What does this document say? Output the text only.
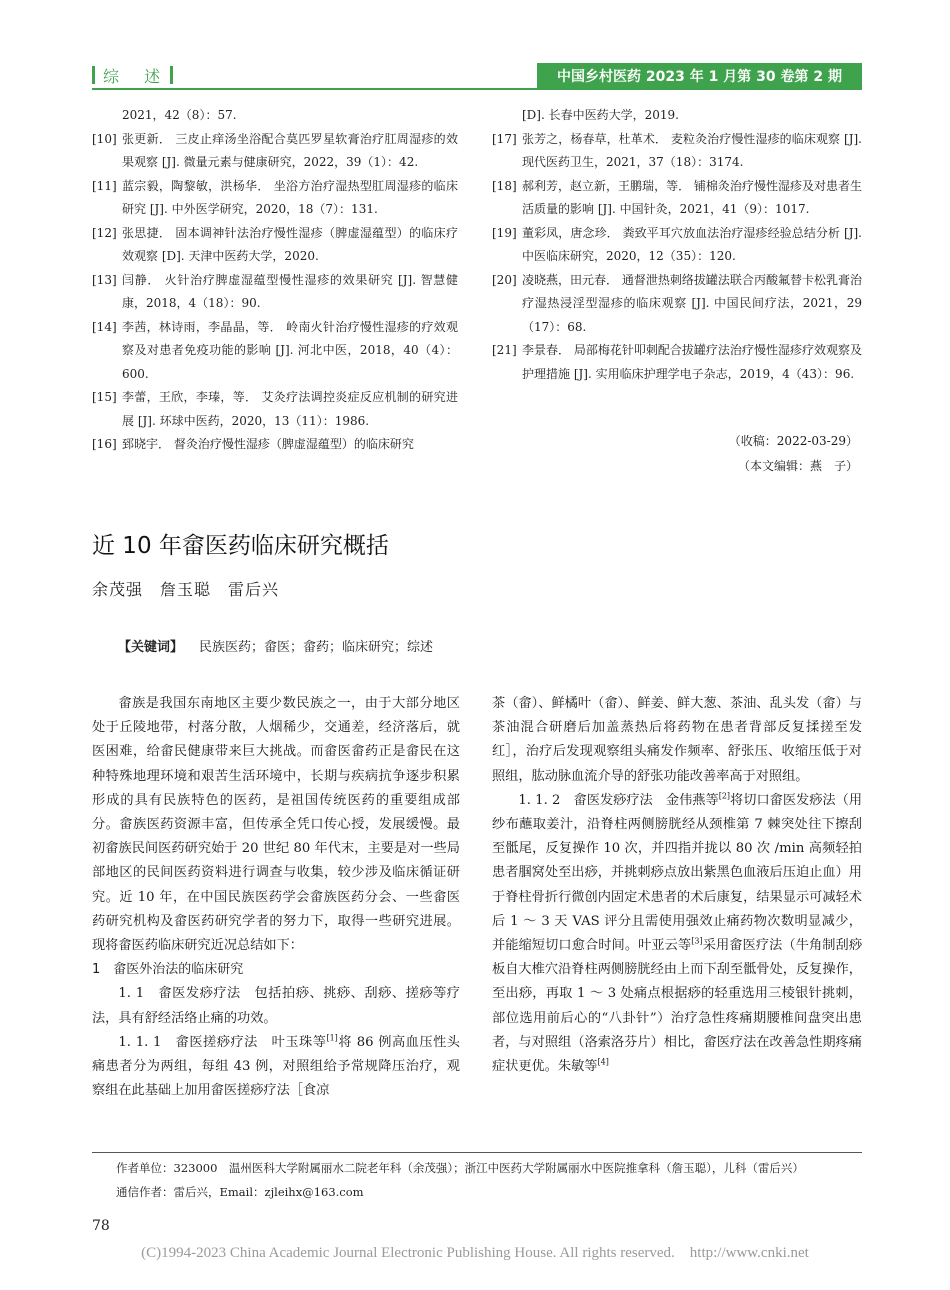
综 述	中国乡村医药 2023 年 1 月第 30 卷第 2 期
2021，42（8）：57.
[10] 张更新． 三皮止痒汤坐浴配合莫匹罗星软膏治疗肛周湿疹的效果观察 [J]. 微量元素与健康研究，2022，39（1）：42.
[11] 蓝宗毅，陶黎敏，洪杨华． 坐浴方治疗湿热型肛周湿疹的临床研究 [J]. 中外医学研究，2020，18（7）：131.
[12] 张思捷． 固本调神针法治疗慢性湿疹（脾虚湿蕴型）的临床疗效观察 [D]. 天津中医药大学，2020.
[13] 闫静． 火针治疗脾虚湿蕴型慢性湿疹的效果研究 [J]. 智慧健康，2018，4（18）：90.
[14] 李茜，林诗雨，李晶晶，等． 岭南火针治疗慢性湿疹的疗效观察及对患者免疫功能的影响 [J]. 河北中医，2018，40（4）：600.
[15] 李蕾，王欣，李瑧，等． 艾灸疗法调控炎症反应机制的研究进展 [J]. 环球中医药，2020，13（11）：1986.
[16] 郅晓宇． 督灸治疗慢性湿疹（脾虚湿蕴型）的临床研究
[D]. 长春中医药大学，2019.
[17] 张芳之，杨春草，杜革术． 麦粒灸治疗慢性湿疹的临床观察 [J]. 现代医药卫生，2021，37（18）：3174.
[18] 郝利芳，赵立新，王鹏瑞，等． 铺棉灸治疗慢性湿疹及对患者生活质量的影响 [J]. 中国针灸，2021，41（9）：1017.
[19] 董彩凤，唐念珍． 粪致平耳穴放血法治疗湿疹经验总结分析 [J]. 中医临床研究，2020，12（35）：120.
[20] 凌晓燕，田元春． 通督泄热刺络拔罐法联合丙酸氟替卡松乳膏治疗湿热浸淫型湿疹的临床观察 [J]. 中国民间疗法，2021，29（17）：68.
[21] 李景春． 局部梅花针叩刺配合拔罐疗法治疗慢性湿疹疗效观察及护理措施 [J]. 实用临床护理学电子杂志，2019，4（43）：96.
（收稿：2022-03-29）
（本文编辑：燕　子）
近 10 年畲医药临床研究概括
余茂强　詹玉聪　雷后兴
【关键词】 民族医药；畲医；畲药；临床研究；综述

畲族是我国东南地区主要少数民族之一，由于大部分地区处于丘陵地带，村落分散，人烟稀少，交通差，经济落后，就医困难，给畲民健康带来巨大挑战。而畲医畲药正是畲民在这种特殊地理环境和艰苦生活环境中，长期与疾病抗争逐步积累形成的具有民族特色的医药，是祖国传统医药的重要组成部分。畲族医药资源丰富，但传承全凭口传心授，发展缓慢。最初畲族民间医药研究始于 20 世纪 80 年代末，主要是对一些局部地区的民间医药资料进行调查与收集，较少涉及临床循证研究。近 10 年，在中国民族医药学会畲族医药分会、一些畲医药研究机构及畲医药研究学者的努力下，取得一些研究进展。现将畲医药临床研究近况总结如下：

1　畲医外治法的临床研究

1. 1　畲医发痧疗法　包括拍痧、挑痧、刮痧、搓痧等疗法，具有舒经活络止痛的功效。

1. 1. 1　畲医搓痧疗法　叶玉珠等[1]将 86 例高血压性头痛患者分为两组，每组 43 例，对照组给予常规降压治疗，观察组在此基础上加用畲医搓痧疗法［食凉

茶（畲）、鲜橘叶（畲）、鲜姜、鲜大葱、茶油、乱头发（畲）与茶油混合研磨后加盖蒸热后将药物在患者背部反复揉搓至发红］，治疗后发现观察组头痛发作频率、舒张压、收缩压低于对照组，肱动脉血流介导的舒张功能改善率高于对照组。

1. 1. 2　畲医发痧疗法　金伟燕等[2]将切口畲医发痧法（用纱布蘸取姜汁，沿脊柱两侧膀胱经从颈椎第 7 棘突处往下擦刮至骶尾，反复操作 10 次，并四指并拢以 80 次 /min 高频轻拍患者腘窝处至出痧，并挑刺痧点放出紫黑色血液后压迫止血）用于脊柱骨折行微创内固定术患者的术后康复，结果显示可减轻术后 1 ～ 3 天 VAS 评分且需使用强效止痛药物次数明显减少，并能缩短切口愈合时间。叶亚云等[3]采用畲医疗法（牛角制刮痧板自大椎穴沿脊柱两侧膀胱经由上而下刮至骶骨处，反复操作，至出痧，再取 1 ～ 3 处痛点根据痧的轻重选用三棱银针挑刺，部位选用前后心的“八卦针”）治疗急性疼痛期腰椎间盘突出患者，与对照组（洛索洛芬片）相比，畲医疗法在改善急性期疼痛症状更优。朱敏等[4]

作者单位：323000　温州医科大学附属丽水二院老年科（余茂强）；浙江中医药大学附属丽水中医院推拿科（詹玉聪），儿科（雷后兴）
通信作者：雷后兴，Email：zjleihx@163.com
78
(C)1994-2023 China Academic Journal Electronic Publishing House. All rights reserved.　http://www.cnki.net
